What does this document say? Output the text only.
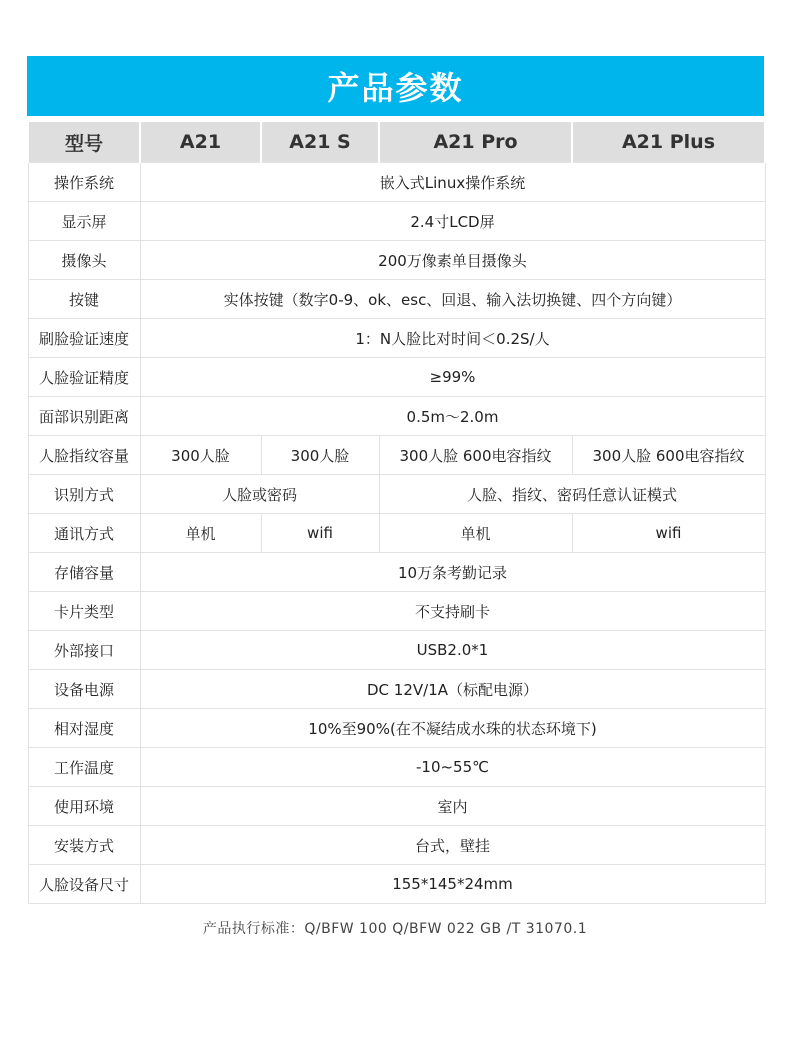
产品参数
型号	A21	A21 S	A21 Pro	A21 Plus
操作系统	嵌入式Linux操作系统			
显示屏	2.4寸LCD屏			
摄像头	200万像素单目摄像头			
按键	实体按键（数字0-9、ok、esc、回退、输入法切换键、四个方向键）			
刷脸验证速度	1：N人脸比对时间＜0.2S/人			
人脸验证精度	≥99%			
面部识别距离	0.5m～2.0m			
人脸指纹容量	300人脸	300人脸	300人脸 600电容指纹	300人脸 600电容指纹
识别方式	人脸或密码		人脸、指纹、密码任意认证模式	
通讯方式	单机	wifi	单机	wifi
存储容量	10万条考勤记录			
卡片类型	不支持刷卡			
外部接口	USB2.0*1			
设备电源	DC 12V/1A（标配电源）			
相对湿度	10%至90%(在不凝结成水珠的状态环境下)			
工作温度	-10~55℃			
使用环境	室内			
安装方式	台式，壁挂			
人脸设备尺寸	155*145*24mm			
产品执行标准：Q/BFW 100 Q/BFW 022 GB /T 31070.1
